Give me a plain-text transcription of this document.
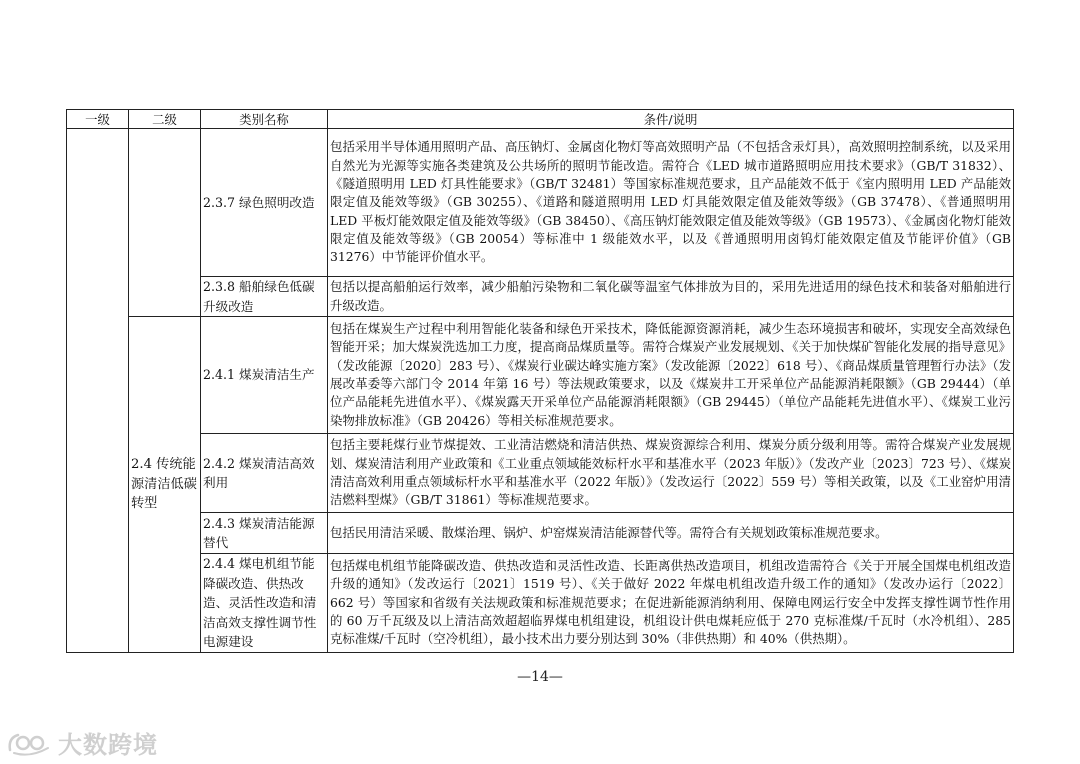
一级	二级	类别名称	条件/说明
		2.3.7 绿色照明改造	包括采用半导体通用照明产品、高压钠灯、金属卤化物灯等高效照明产品（不包括含汞灯具），高效照明控制系统，以及采用自然光为光源等实施各类建筑及公共场所的照明节能改造。需符合《LED 城市道路照明应用技术要求》（GB/T 31832）、《隧道照明用 LED 灯具性能要求》（GB/T 32481）等国家标准规范要求，且产品能效不低于《室内照明用 LED 产品能效限定值及能效等级》（GB 30255）、《道路和隧道照明用 LED 灯具能效限定值及能效等级》（GB 37478）、《普通照明用 LED 平板灯能效限定值及能效等级》（GB 38450）、《高压钠灯能效限定值及能效等级》（GB 19573）、《金属卤化物灯能效限定值及能效等级》（GB 20054）等标准中 1 级能效水平，以及《普通照明用卤钨灯能效限定值及节能评价值》（GB 31276）中节能评价值水平。
		2.3.8 船舶绿色低碳升级改造	包括以提高船舶运行效率，减少船舶污染物和二氧化碳等温室气体排放为目的，采用先进适用的绿色技术和装备对船舶进行升级改造。
	2.4 传统能源清洁低碳转型	2.4.1 煤炭清洁生产	包括在煤炭生产过程中利用智能化装备和绿色开采技术，降低能源资源消耗，减少生态环境损害和破坏，实现安全高效绿色智能开采；加大煤炭洗选加工力度，提高商品煤质量等。需符合煤炭产业发展规划、《关于加快煤矿智能化发展的指导意见》（发改能源〔2020〕283 号）、《煤炭行业碳达峰实施方案》（发改能源〔2022〕618 号）、《商品煤质量管理暂行办法》（发展改革委等六部门令 2014 年第 16 号）等法规政策要求，以及《煤炭井工开采单位产品能源消耗限额》（GB 29444）（单位产品能耗先进值水平）、《煤炭露天开采单位产品能源消耗限额》（GB 29445）（单位产品能耗先进值水平）、《煤炭工业污染物排放标准》（GB 20426）等相关标准规范要求。
		2.4.2 煤炭清洁高效利用	包括主要耗煤行业节煤提效、工业清洁燃烧和清洁供热、煤炭资源综合利用、煤炭分质分级利用等。需符合煤炭产业发展规划、煤炭清洁利用产业政策和《工业重点领域能效标杆水平和基准水平（2023 年版）》（发改产业〔2023〕723 号）、《煤炭清洁高效利用重点领域标杆水平和基准水平（2022 年版）》（发改运行〔2022〕559 号）等相关政策，以及《工业窑炉用清洁燃料型煤》（GB/T 31861）等标准规范要求。
		2.4.3 煤炭清洁能源替代	包括民用清洁采暖、散煤治理、锅炉、炉窑煤炭清洁能源替代等。需符合有关规划政策标准规范要求。
		2.4.4 煤电机组节能降碳改造、供热改造、灵活性改造和清洁高效支撑性调节性电源建设	包括煤电机组节能降碳改造、供热改造和灵活性改造、长距离供热改造项目，机组改造需符合《关于开展全国煤电机组改造升级的通知》（发改运行〔2021〕1519 号）、《关于做好 2022 年煤电机组改造升级工作的通知》（发改办运行〔2022〕662 号）等国家和省级有关法规政策和标准规范要求；在促进新能源消纳利用、保障电网运行安全中发挥支撑性调节性作用的 60 万千瓦级及以上清洁高效超超临界煤电机组建设，机组设计供电煤耗应低于 270 克标准煤/千瓦时（水冷机组）、285 克标准煤/千瓦时（空冷机组），最小技术出力要分别达到 30%（非供热期）和 40%（供热期）。
—14—
大数跨境
